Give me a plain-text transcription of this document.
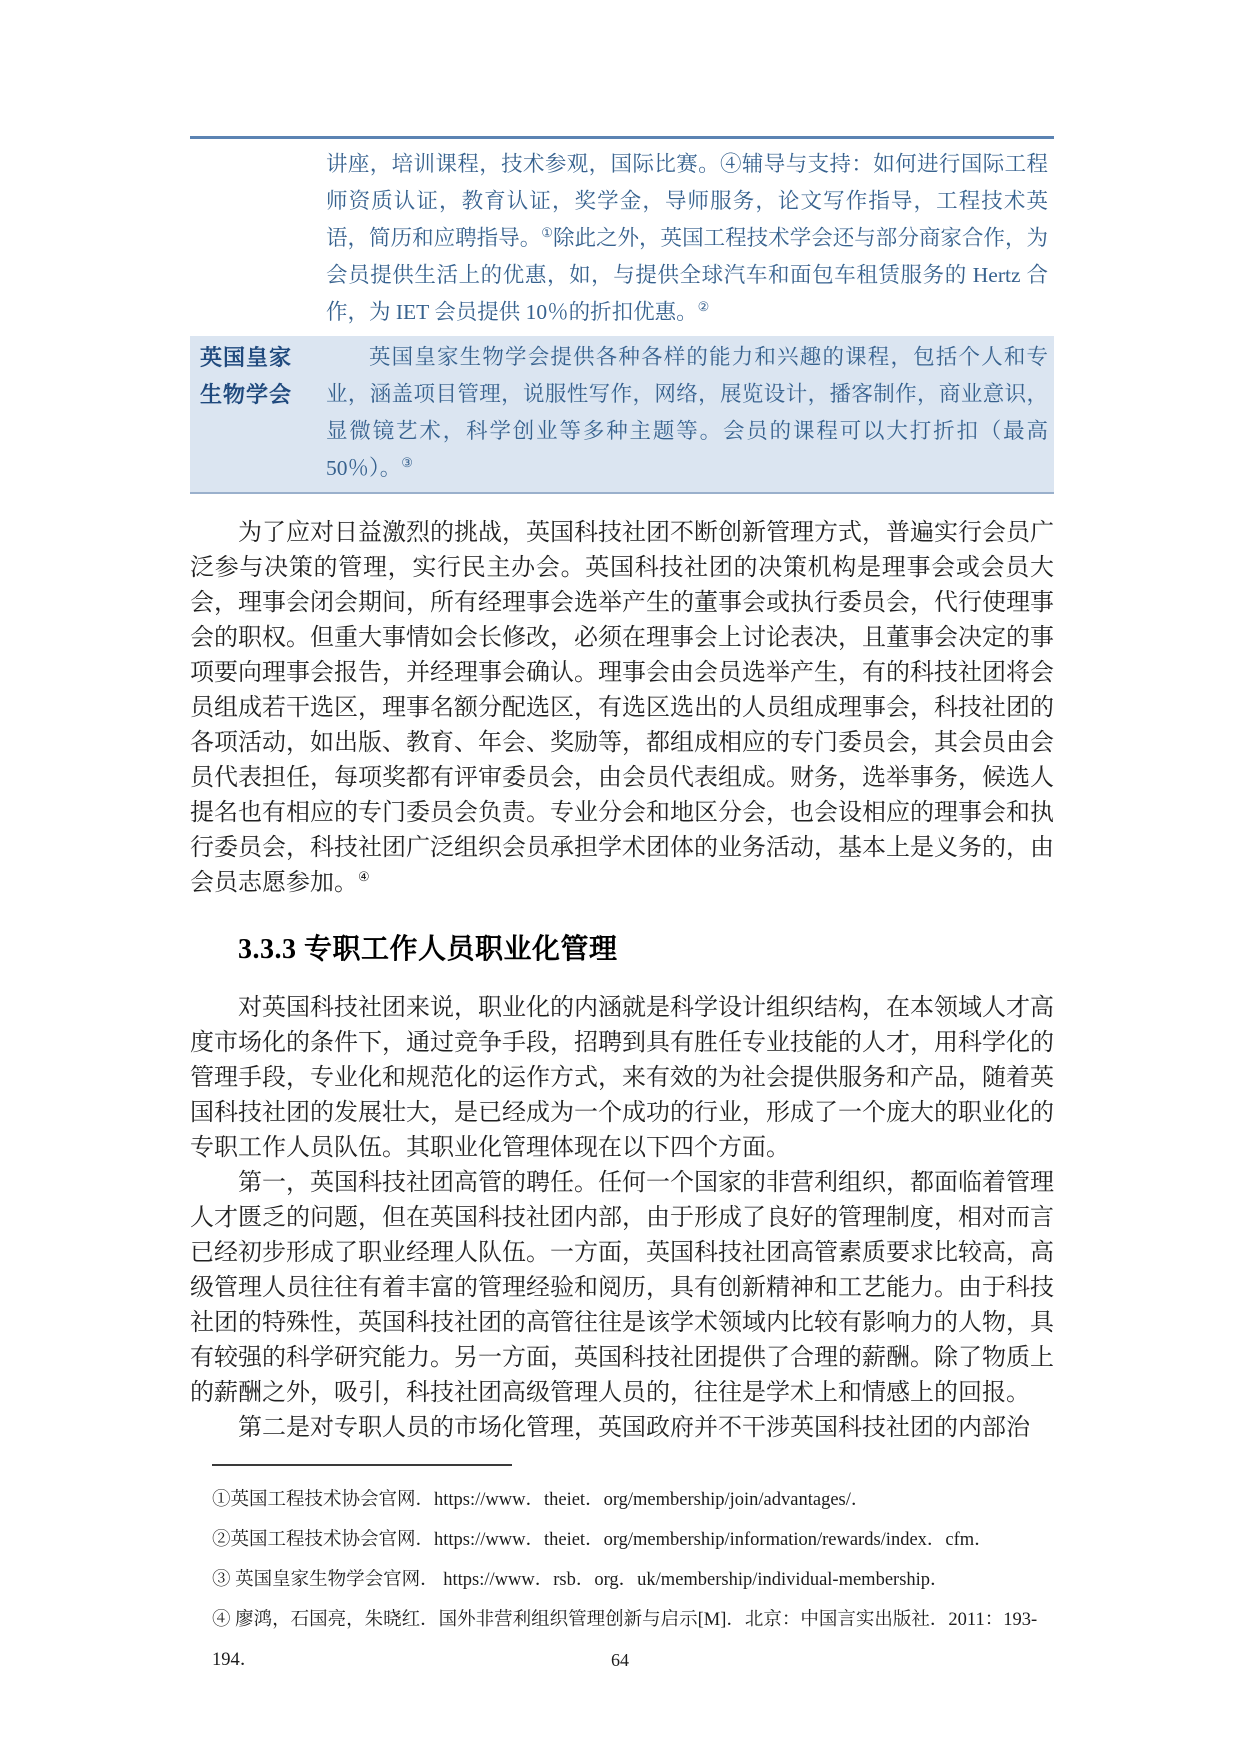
	讲座，培训课程，技术参观，国际比赛。④辅导与支持：如何进行国际工程师资质认证，教育认证，奖学金，导师服务，论文写作指导，工程技术英语，简历和应聘指导。①除此之外，英国工程技术学会还与部分商家合作，为会员提供生活上的优惠，如，与提供全球汽车和面包车租赁服务的 Hertz 合作，为 IET 会员提供 10％的折扣优惠。②
英国皇家生物学会	英国皇家生物学会提供各种各样的能力和兴趣的课程，包括个人和专业，涵盖项目管理，说服性写作，网络，展览设计，播客制作，商业意识，显微镜艺术，科学创业等多种主题等。会员的课程可以大打折扣（最高 50％）。③

为了应对日益激烈的挑战，英国科技社团不断创新管理方式，普遍实行会员广泛参与决策的管理，实行民主办会。英国科技社团的决策机构是理事会或会员大会，理事会闭会期间，所有经理事会选举产生的董事会或执行委员会，代行使理事会的职权。但重大事情如会长修改，必须在理事会上讨论表决，且董事会决定的事项要向理事会报告，并经理事会确认。理事会由会员选举产生，有的科技社团将会员组成若干选区，理事名额分配选区，有选区选出的人员组成理事会，科技社团的各项活动，如出版、教育、年会、奖励等，都组成相应的专门委员会，其会员由会员代表担任，每项奖都有评审委员会，由会员代表组成。财务，选举事务，候选人提名也有相应的专门委员会负责。专业分会和地区分会，也会设相应的理事会和执行委员会，科技社团广泛组织会员承担学术团体的业务活动，基本上是义务的，由会员志愿参加。④

3.3.3 专职工作人员职业化管理

对英国科技社团来说，职业化的内涵就是科学设计组织结构，在本领域人才高度市场化的条件下，通过竞争手段，招聘到具有胜任专业技能的人才，用科学化的管理手段，专业化和规范化的运作方式，来有效的为社会提供服务和产品，随着英国科技社团的发展壮大，是已经成为一个成功的行业，形成了一个庞大的职业化的专职工作人员队伍。其职业化管理体现在以下四个方面。

第一，英国科技社团高管的聘任。任何一个国家的非营利组织，都面临着管理人才匮乏的问题，但在英国科技社团内部，由于形成了良好的管理制度，相对而言已经初步形成了职业经理人队伍。一方面，英国科技社团高管素质要求比较高，高级管理人员往往有着丰富的管理经验和阅历，具有创新精神和工艺能力。由于科技社团的特殊性，英国科技社团的高管往往是该学术领域内比较有影响力的人物，具有较强的科学研究能力。另一方面，英国科技社团提供了合理的薪酬。除了物质上的薪酬之外，吸引，科技社团高级管理人员的，往往是学术上和情感上的回报。

第二是对专职人员的市场化管理，英国政府并不干涉英国科技社团的内部治

①英国工程技术协会官网．https://www．theiet．org/membership/join/advantages/．

②英国工程技术协会官网．https://www．theiet．org/membership/information/rewards/index．cfm．

③ 英国皇家生物学会官网． https://www．rsb．org．uk/membership/individual-membership．

④ 廖鸿，石国亮，朱晓红．国外非营利组织管理创新与启示[M]．北京：中国言实出版社．2011：193-194．	64
